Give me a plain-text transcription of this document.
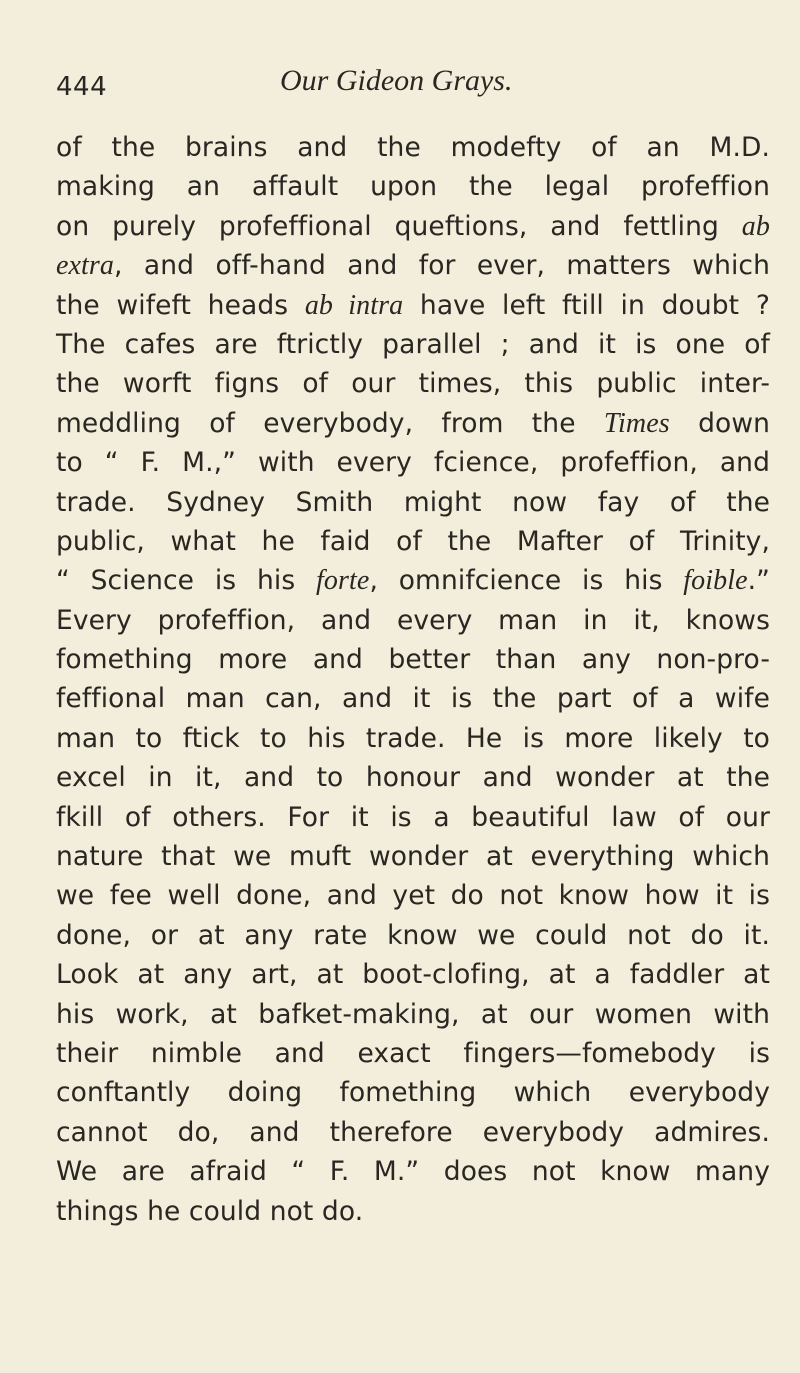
444	Our Gideon Grays.
of the brains and the modefty of an M.D.
making an affault upon the legal profeffion
on purely profeffional queftions, and fettling ab
extra, and off-hand and for ever, matters which
the wifeft heads ab intra have left ftill in doubt ?
The cafes are ftrictly parallel ; and it is one of
the worft figns of our times, this public inter-
meddling of everybody, from the Times down
to “ F. M.,” with every fcience, profeffion, and
trade. Sydney Smith might now fay of the
public, what he faid of the Mafter of Trinity,
“ Science is his forte, omnifcience is his foible.”
Every profeffion, and every man in it, knows
fomething more and better than any non-pro-
feffional man can, and it is the part of a wife
man to ftick to his trade. He is more likely to
excel in it, and to honour and wonder at the
fkill of others. For it is a beautiful law of our
nature that we muft wonder at everything which
we fee well done, and yet do not know how it is
done, or at any rate know we could not do it.
Look at any art, at boot-clofing, at a faddler at
his work, at bafket-making, at our women with
their nimble and exact fingers—fomebody is
conftantly doing fomething which everybody
cannot do, and therefore everybody admires.
We are afraid “ F. M.” does not know many
things he could not do.
